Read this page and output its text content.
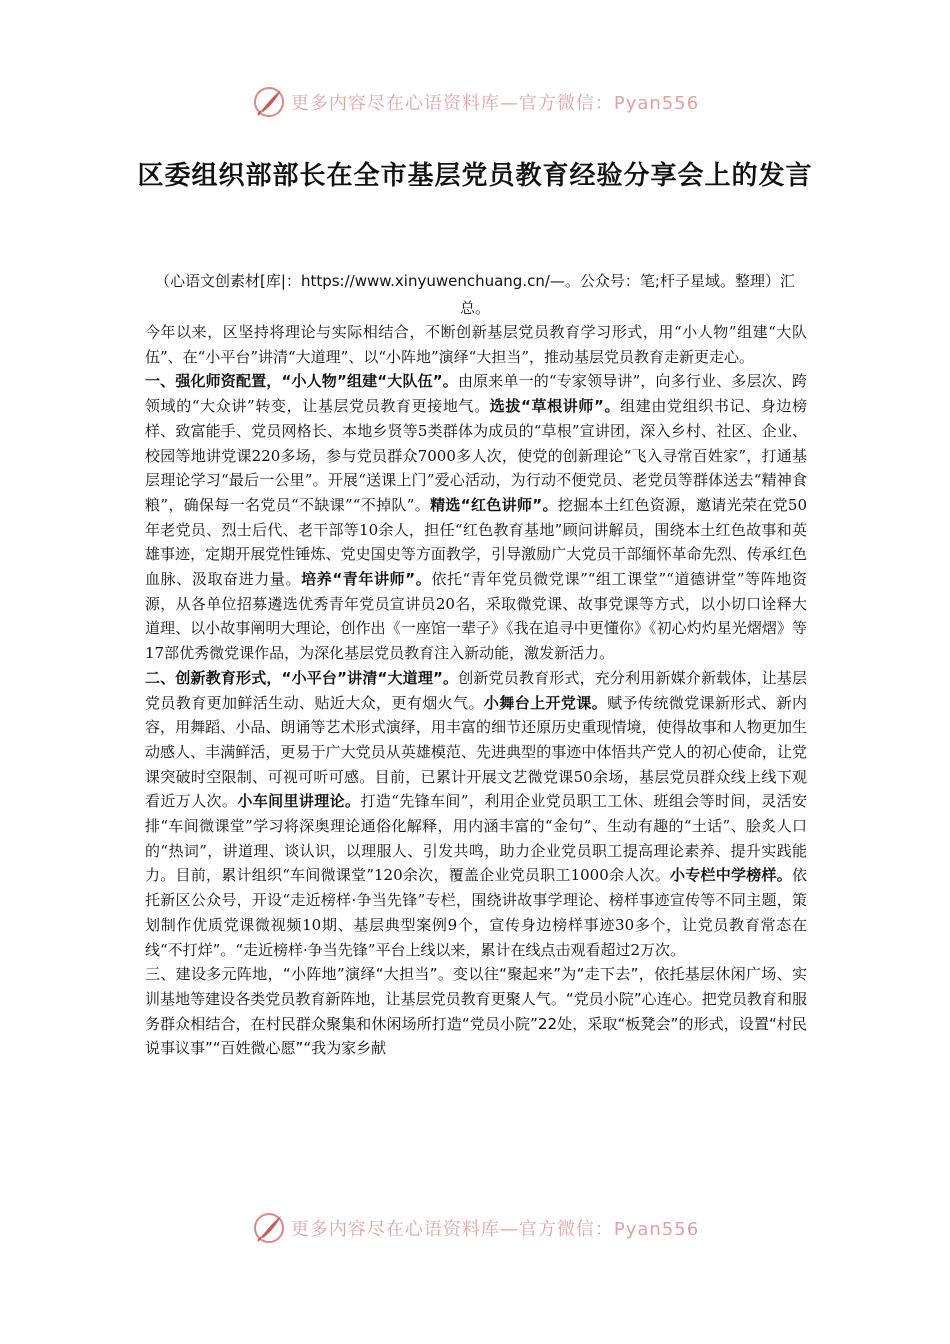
更多内容尽在心语资料库—官方微信：Pyan556
区委组织部部长在全市基层党员教育经验分享会上的发言

（心语文创素材[库|：https://www.xinyuwenchuang.cn/—。公众号：笔;杆子星域。整理）汇总。

今年以来，区坚持将理论与实际相结合，不断创新基层党员教育学习形式，用“小人物”组建“大队伍”、在“小平台”讲清“大道理”、以“小阵地”演绎“大担当”，推动基层党员教育走新更走心。

一、强化师资配置，“小人物”组建“大队伍”。由原来单一的“专家领导讲”，向多行业、多层次、跨领域的“大众讲”转变，让基层党员教育更接地气。选拔“草根讲师”。组建由党组织书记、身边榜样、致富能手、党员网格长、本地乡贤等5类群体为成员的“草根”宣讲团，深入乡村、社区、企业、校园等地讲党课220多场，参与党员群众7000多人次，使党的创新理论“飞入寻常百姓家”，打通基层理论学习“最后一公里”。开展“送课上门”爱心活动，为行动不便党员、老党员等群体送去“精神食粮”，确保每一名党员“不缺课”“不掉队”。精选“红色讲师”。挖掘本土红色资源，邀请光荣在党50年老党员、烈士后代、老干部等10余人，担任“红色教育基地”顾问讲解员，围绕本土红色故事和英雄事迹，定期开展党性锤炼、党史国史等方面教学，引导激励广大党员干部缅怀革命先烈、传承红色血脉、汲取奋进力量。培养“青年讲师”。依托“青年党员微党课”“组工课堂”“道德讲堂”等阵地资源，从各单位招募遴选优秀青年党员宣讲员20名，采取微党课、故事党课等方式，以小切口诠释大道理、以小故事阐明大理论，创作出《一座馆一辈子》《我在追寻中更懂你》《初心灼灼星光熠熠》等17部优秀微党课作品，为深化基层党员教育注入新动能，激发新活力。

二、创新教育形式，“小平台”讲清“大道理”。创新党员教育形式，充分利用新媒介新载体，让基层党员教育更加鲜活生动、贴近大众，更有烟火气。小舞台上开党课。赋予传统微党课新形式、新内容，用舞蹈、小品、朗诵等艺术形式演绎，用丰富的细节还原历史重现情境，使得故事和人物更加生动感人、丰满鲜活，更易于广大党员从英雄模范、先进典型的事迹中体悟共产党人的初心使命，让党课突破时空限制、可视可听可感。目前，已累计开展文艺微党课50余场，基层党员群众线上线下观看近万人次。小车间里讲理论。打造“先锋车间”，利用企业党员职工工休、班组会等时间，灵活安排“车间微课堂”学习将深奥理论通俗化解释，用内涵丰富的“金句”、生动有趣的“土话”、脍炙人口的“热词”，讲道理、谈认识，以理服人、引发共鸣，助力企业党员职工提高理论素养、提升实践能力。目前，累计组织“车间微课堂”120余次，覆盖企业党员职工1000余人次。小专栏中学榜样。依托新区公众号，开设“走近榜样·争当先锋”专栏，围绕讲故事学理论、榜样事迹宣传等不同主题，策划制作优质党课微视频10期、基层典型案例9个，宣传身边榜样事迹30多个，让党员教育常态在线“不打烊”。“走近榜样·争当先锋”平台上线以来，累计在线点击观看超过2万次。

三、建设多元阵地，“小阵地”演绎“大担当”。变以往“聚起来”为“走下去”，依托基层休闲广场、实训基地等建设各类党员教育新阵地，让基层党员教育更聚人气。“党员小院”心连心。把党员教育和服务群众相结合，在村民群众聚集和休闲场所打造“党员小院”22处，采取“板凳会”的形式，设置“村民说事议事”“百姓微心愿”“我为家乡献

更多内容尽在心语资料库—官方微信：Pyan556
